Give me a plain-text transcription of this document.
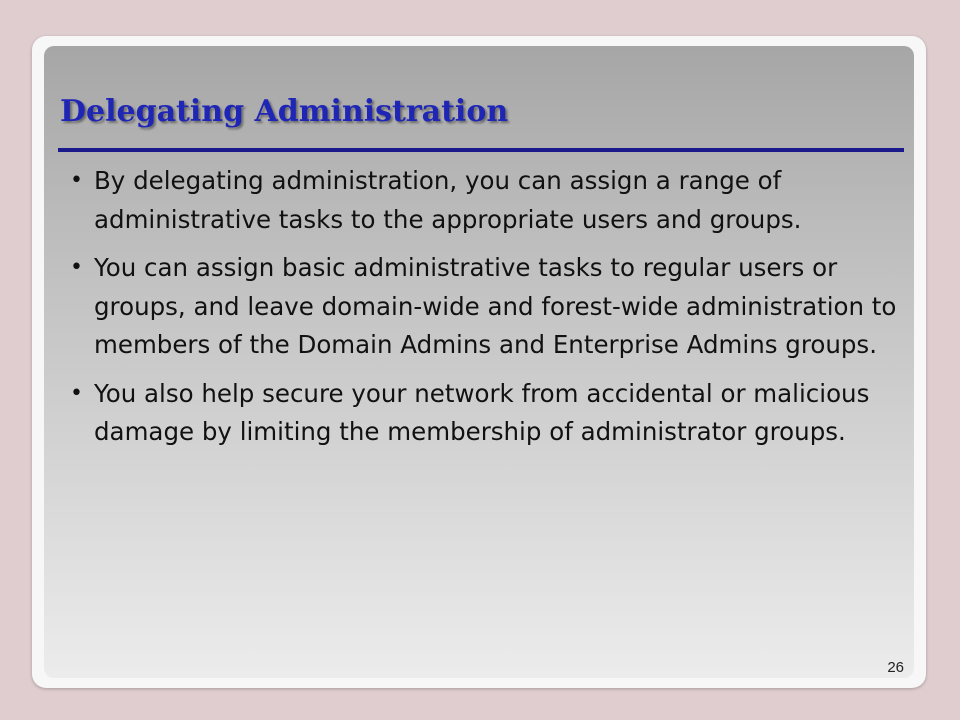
Delegating Administration
• By delegating administration, you can assign a range of administrative tasks to the appropriate users and groups.
• You can assign basic administrative tasks to regular users or groups, and leave domain-wide and forest-wide administration to members of the Domain Admins and Enterprise Admins groups.
• You also help secure your network from accidental or malicious damage by limiting the membership of administrator groups.
26
